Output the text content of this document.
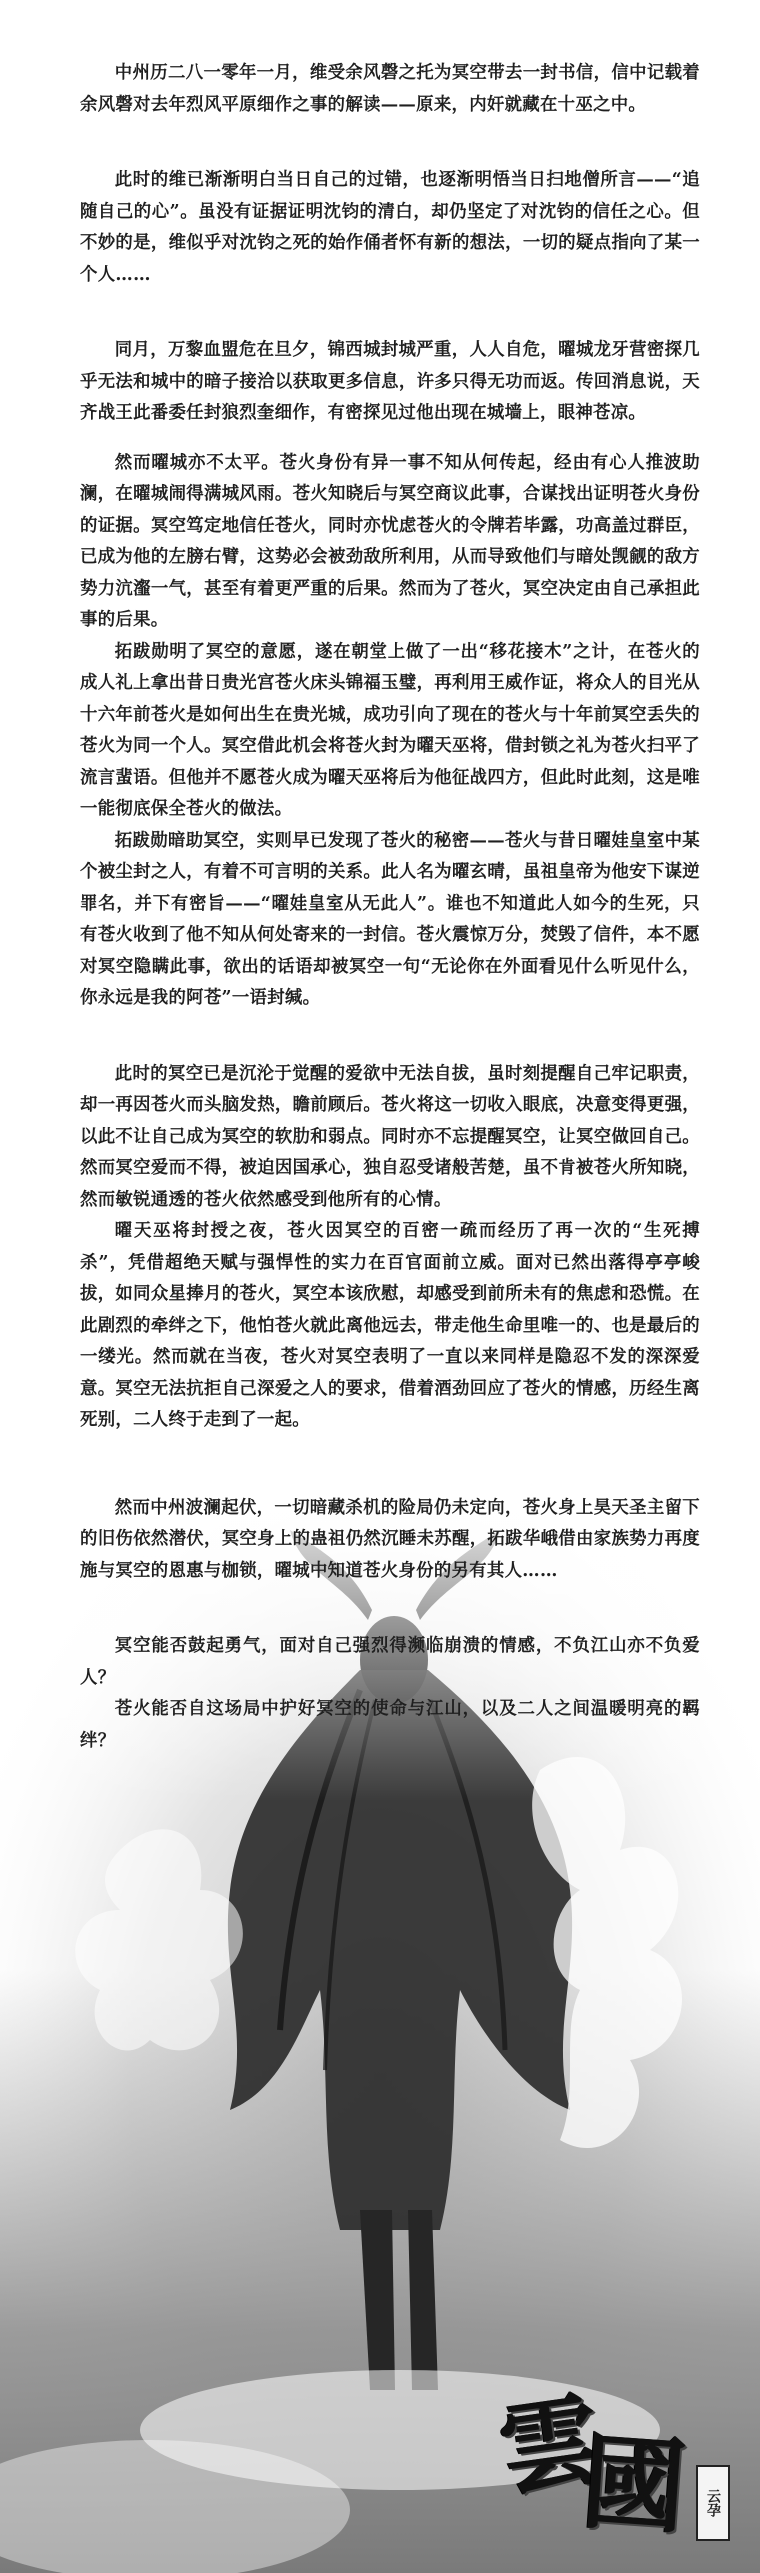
中州历二八一零年一月，维受余风磬之托为冥空带去一封书信，信中记载着余风磬对去年烈风平原细作之事的解读——原来，内奸就藏在十巫之中。

此时的维已渐渐明白当日自己的过错，也逐渐明悟当日扫地僧所言——“追随自己的心”。虽没有证据证明沈钧的清白，却仍坚定了对沈钧的信任之心。但不妙的是，维似乎对沈钧之死的始作俑者怀有新的想法，一切的疑点指向了某一个人……

同月，万黎血盟危在旦夕，锦西城封城严重，人人自危，曜城龙牙营密探几乎无法和城中的暗子接洽以获取更多信息，许多只得无功而返。传回消息说，天齐战王此番委任封狼烈奎细作，有密探见过他出现在城墙上，眼神苍凉。

然而曜城亦不太平。苍火身份有异一事不知从何传起，经由有心人推波助澜，在曜城闹得满城风雨。苍火知晓后与冥空商议此事，合谋找出证明苍火身份的证据。冥空笃定地信任苍火，同时亦忧虑苍火的令牌若毕露，功高盖过群臣，已成为他的左膀右臂，这势必会被劲敌所利用，从而导致他们与暗处觊觎的敌方势力沆瀣一气，甚至有着更严重的后果。然而为了苍火，冥空决定由自己承担此事的后果。

拓跋勋明了冥空的意愿，遂在朝堂上做了一出“移花接木”之计，在苍火的成人礼上拿出昔日贵光宫苍火床头锦福玉璧，再利用王威作证，将众人的目光从十六年前苍火是如何出生在贵光城，成功引向了现在的苍火与十年前冥空丢失的苍火为同一个人。冥空借此机会将苍火封为曜天巫将，借封锁之礼为苍火扫平了流言蜚语。但他并不愿苍火成为曜天巫将后为他征战四方，但此时此刻，这是唯一能彻底保全苍火的做法。

拓跋勋暗助冥空，实则早已发现了苍火的秘密——苍火与昔日曜娃皇室中某个被尘封之人，有着不可言明的关系。此人名为曜玄晴，虽祖皇帝为他安下谋逆罪名，并下有密旨——“曜娃皇室从无此人”。谁也不知道此人如今的生死，只有苍火收到了他不知从何处寄来的一封信。苍火震惊万分，焚毁了信件，本不愿对冥空隐瞒此事，欲出的话语却被冥空一句“无论你在外面看见什么听见什么，你永远是我的阿苍”一语封缄。

此时的冥空已是沉沦于觉醒的爱欲中无法自拔，虽时刻提醒自己牢记职责，却一再因苍火而头脑发热，瞻前顾后。苍火将这一切收入眼底，决意变得更强，以此不让自己成为冥空的软肋和弱点。同时亦不忘提醒冥空，让冥空做回自己。然而冥空爱而不得，被迫因国承心，独自忍受诸般苦楚，虽不肯被苍火所知晓，然而敏锐通透的苍火依然感受到他所有的心情。

曜天巫将封授之夜，苍火因冥空的百密一疏而经历了再一次的“生死搏杀”，凭借超绝天赋与强悍性的实力在百官面前立威。面对已然出落得亭亭峻拔，如同众星捧月的苍火，冥空本该欣慰，却感受到前所未有的焦虑和恐慌。在此剧烈的牵绊之下，他怕苍火就此离他远去，带走他生命里唯一的、也是最后的一缕光。然而就在当夜，苍火对冥空表明了一直以来同样是隐忍不发的深深爱意。冥空无法抗拒自己深爱之人的要求，借着酒劲回应了苍火的情感，历经生离死别，二人终于走到了一起。

然而中州波澜起伏，一切暗藏杀机的险局仍未定向，苍火身上昊天圣主留下的旧伤依然潜伏，冥空身上的蛊祖仍然沉睡未苏醒，拓跋华峨借由家族势力再度施与冥空的恩惠与枷锁，曜城中知道苍火身份的另有其人……

冥空能否鼓起勇气，面对自己强烈得濒临崩溃的情感，不负江山亦不负爱人？

苍火能否自这场局中护好冥空的使命与江山，以及二人之间温暖明亮的羁绊？

雲
國	云孕
